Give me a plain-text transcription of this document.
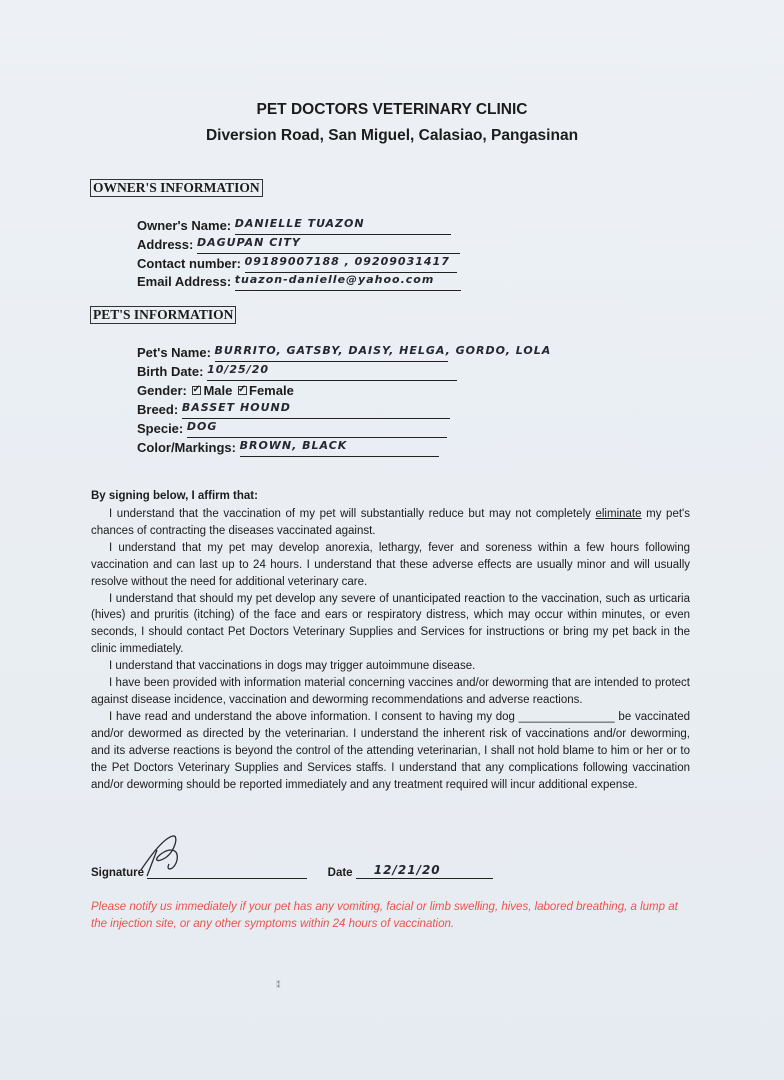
PET DOCTORS VETERINARY CLINIC
Diversion Road, San Miguel, Calasiao, Pangasinan
OWNER'S INFORMATION
Owner's Name: DANIELLE TUAZON
Address: DAGUPAN CITY
Contact number: 09189007188 , 09209031417
Email Address: tuazon-danielle@yahoo.com
PET'S INFORMATION
Pet's Name: BURRITO, GATSBY, DAISY, HELGA, GORDO, LOLA
Birth Date: 10/25/20
Gender: ✓ Male ✓ Female
Breed: BASSET HOUND
Specie: DOG
Color/Markings: BROWN, BLACK
By signing below, I affirm that:

I understand that the vaccination of my pet will substantially reduce but may not completely eliminate my pet's chances of contracting the diseases vaccinated against.

I understand that my pet may develop anorexia, lethargy, fever and soreness within a few hours following vaccination and can last up to 24 hours. I understand that these adverse effects are usually minor and will usually resolve without the need for additional veterinary care.

I understand that should my pet develop any severe of unanticipated reaction to the vaccination, such as urticaria (hives) and pruritis (itching) of the face and ears or respiratory distress, which may occur within minutes, or even seconds, I should contact Pet Doctors Veterinary Supplies and Services for instructions or bring my pet back in the clinic immediately.

I understand that vaccinations in dogs may trigger autoimmune disease.

I have been provided with information material concerning vaccines and/or deworming that are intended to protect against disease incidence, vaccination and deworming recommendations and adverse reactions.

I have read and understand the above information. I consent to having my dog _______________ be vaccinated and/or dewormed as directed by the veterinarian. I understand the inherent risk of vaccinations and/or deworming, and its adverse reactions is beyond the control of the attending veterinarian, I shall not hold blame to him or her or to the Pet Doctors Veterinary Supplies and Services staffs. I understand that any complications following vaccination and/or deworming should be reported immediately and any treatment required will incur additional expense.

Signature	Date 12/21/20
Please notify us immediately if your pet has any vomiting, facial or limb swelling, hives, labored breathing, a lump at the injection site, or any other symptoms within 24 hours of vaccination.
⁑
